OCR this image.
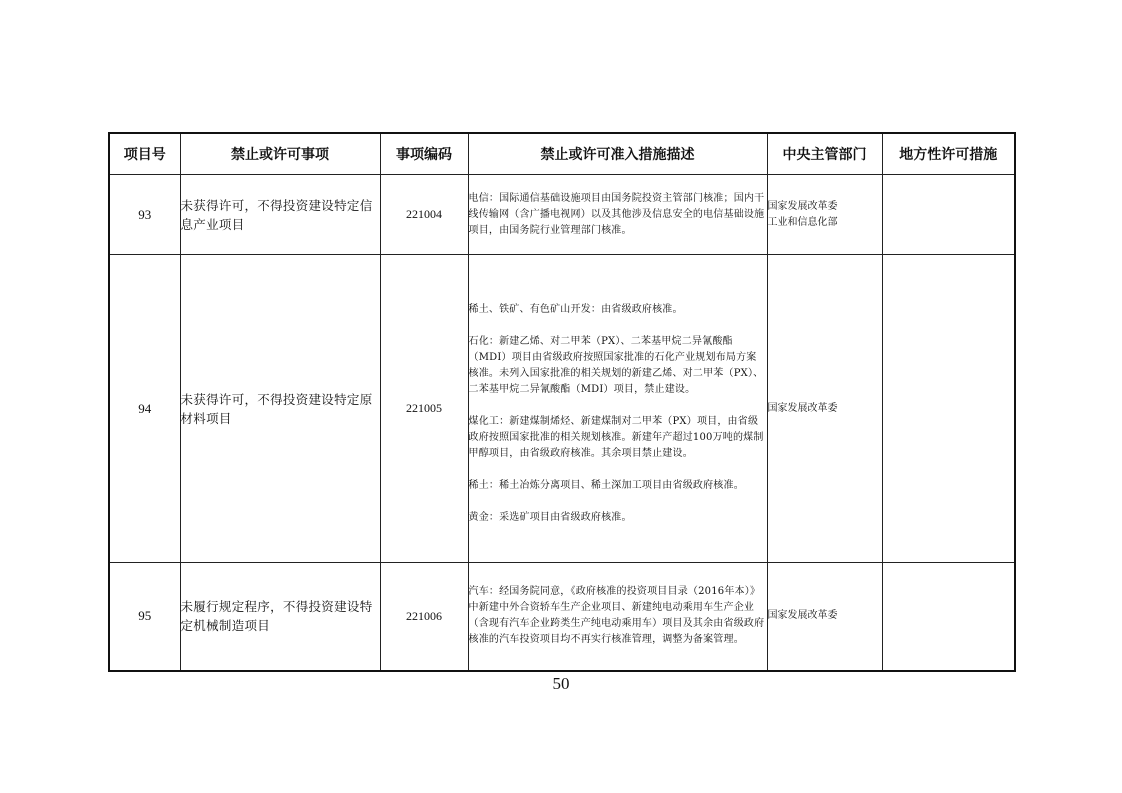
项目号	禁止或许可事项	事项编码	禁止或许可准入措施描述	中央主管部门	地方性许可措施
93	未获得许可，不得投资建设特定信息产业项目	221004	电信：国际通信基础设施项目由国务院投资主管部门核准；国内干线传输网（含广播电视网）以及其他涉及信息安全的电信基础设施项目，由国务院行业管理部门核准。	国家发展改革委
工业和信息化部	

94	未获得许可，不得投资建设特定原材料项目	221005	稀土、铁矿、有色矿山开发：由省级政府核准。

石化：新建乙烯、对二甲苯（PX）、二苯基甲烷二异氰酸酯（MDI）项目由省级政府按照国家批准的石化产业规划布局方案核准。未列入国家批准的相关规划的新建乙烯、对二甲苯（PX）、二苯基甲烷二异氰酸酯（MDI）项目，禁止建设。

煤化工：新建煤制烯烃、新建煤制对二甲苯（PX）项目，由省级政府按照国家批准的相关规划核准。新建年产超过100万吨的煤制甲醇项目，由省级政府核准。其余项目禁止建设。

稀土：稀土冶炼分离项目、稀土深加工项目由省级政府核准。

黄金：采选矿项目由省级政府核准。	国家发展改革委	

95	未履行规定程序，不得投资建设特定机械制造项目	221006	汽车：经国务院同意，《政府核准的投资项目目录（2016年本）》中新建中外合资轿车生产企业项目、新建纯电动乘用车生产企业（含现有汽车企业跨类生产纯电动乘用车）项目及其余由省级政府核准的汽车投资项目均不再实行核准管理，调整为备案管理。	国家发展改革委	

50
